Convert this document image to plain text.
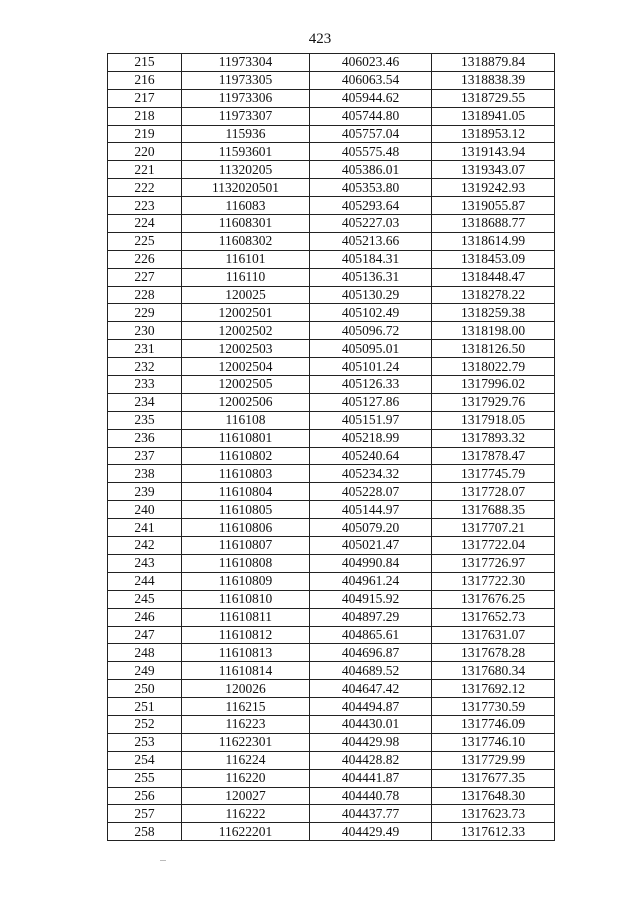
423
215	11973304	406023.46	1318879.84
216	11973305	406063.54	1318838.39
217	11973306	405944.62	1318729.55
218	11973307	405744.80	1318941.05
219	115936	405757.04	1318953.12
220	11593601	405575.48	1319143.94
221	11320205	405386.01	1319343.07
222	1132020501	405353.80	1319242.93
223	116083	405293.64	1319055.87
224	11608301	405227.03	1318688.77
225	11608302	405213.66	1318614.99
226	116101	405184.31	1318453.09
227	116110	405136.31	1318448.47
228	120025	405130.29	1318278.22
229	12002501	405102.49	1318259.38
230	12002502	405096.72	1318198.00
231	12002503	405095.01	1318126.50
232	12002504	405101.24	1318022.79
233	12002505	405126.33	1317996.02
234	12002506	405127.86	1317929.76
235	116108	405151.97	1317918.05
236	11610801	405218.99	1317893.32
237	11610802	405240.64	1317878.47
238	11610803	405234.32	1317745.79
239	11610804	405228.07	1317728.07
240	11610805	405144.97	1317688.35
241	11610806	405079.20	1317707.21
242	11610807	405021.47	1317722.04
243	11610808	404990.84	1317726.97
244	11610809	404961.24	1317722.30
245	11610810	404915.92	1317676.25
246	11610811	404897.29	1317652.73
247	11610812	404865.61	1317631.07
248	11610813	404696.87	1317678.28
249	11610814	404689.52	1317680.34
250	120026	404647.42	1317692.12
251	116215	404494.87	1317730.59
252	116223	404430.01	1317746.09
253	11622301	404429.98	1317746.10
254	116224	404428.82	1317729.99
255	116220	404441.87	1317677.35
256	120027	404440.78	1317648.30
257	116222	404437.77	1317623.73
258	11622201	404429.49	1317612.33
